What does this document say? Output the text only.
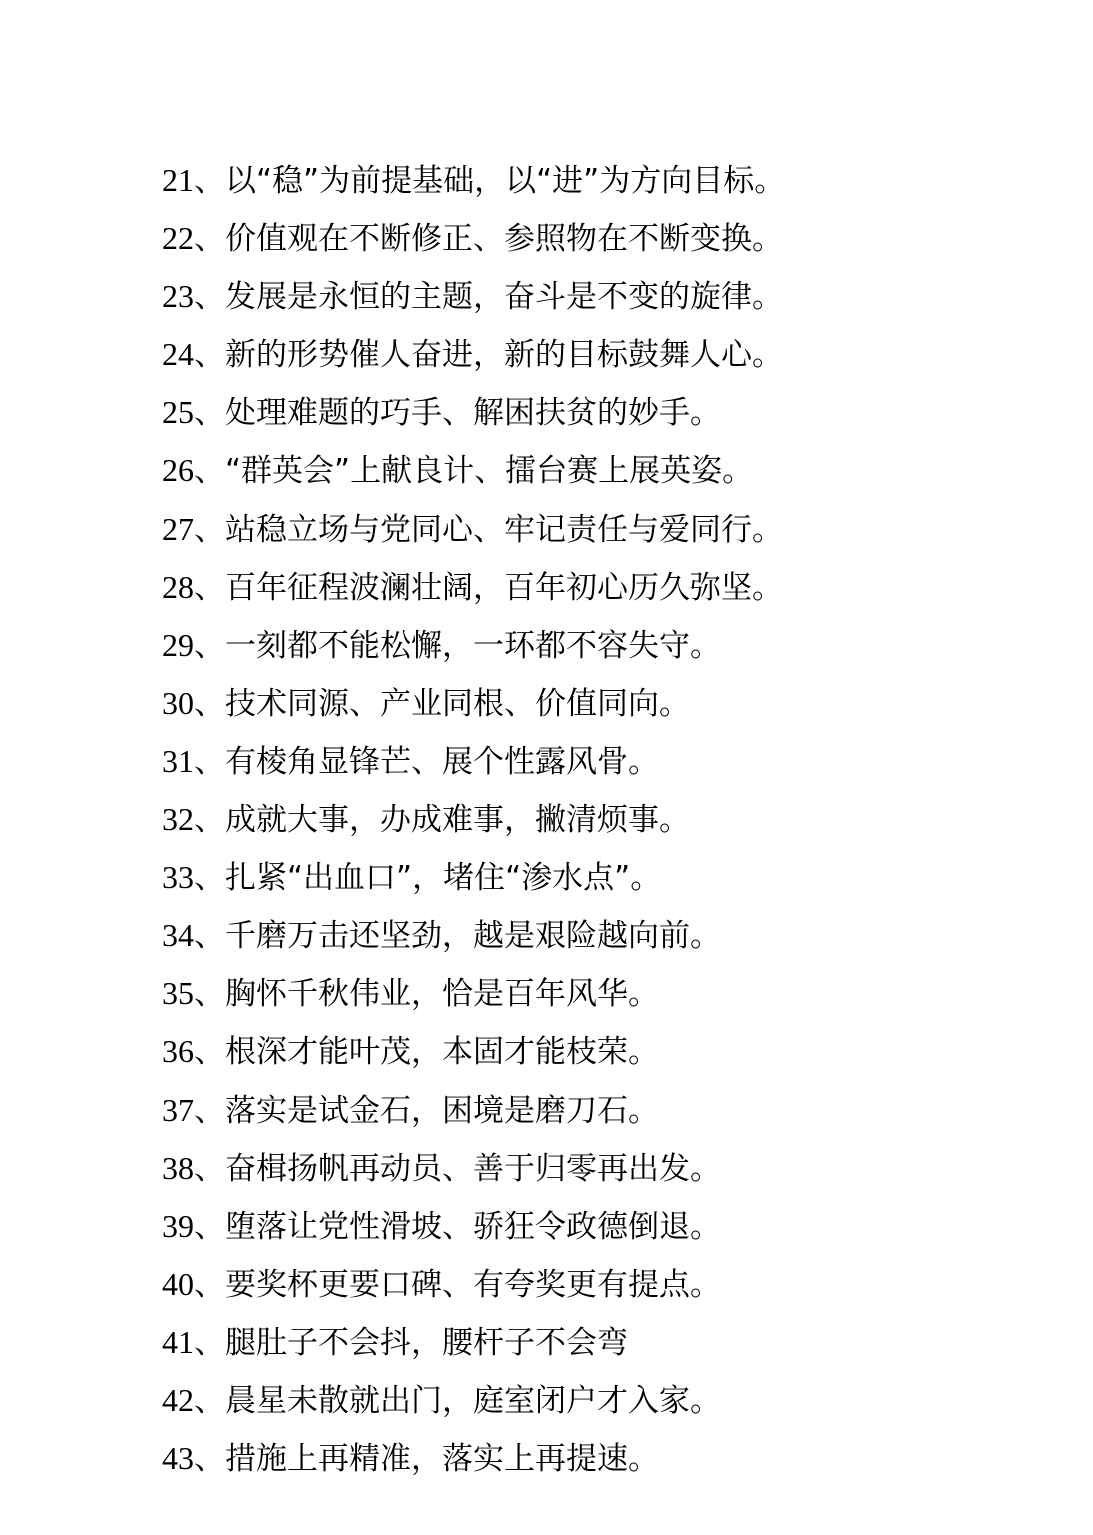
21、以“稳”为前提基础，以“进”为方向目标。
22、价值观在不断修正、参照物在不断变换。
23、发展是永恒的主题，奋斗是不变的旋律。
24、新的形势催人奋进，新的目标鼓舞人心。
25、处理难题的巧手、解困扶贫的妙手。
26、“群英会”上献良计、擂台赛上展英姿。
27、站稳立场与党同心、牢记责任与爱同行。
28、百年征程波澜壮阔，百年初心历久弥坚。
29、一刻都不能松懈，一环都不容失守。
30、技术同源、产业同根、价值同向。
31、有棱角显锋芒、展个性露风骨。
32、成就大事，办成难事，撇清烦事。
33、扎紧“出血口”，堵住“渗水点”。
34、千磨万击还坚劲，越是艰险越向前。
35、胸怀千秋伟业，恰是百年风华。
36、根深才能叶茂，本固才能枝荣。
37、落实是试金石，困境是磨刀石。
38、奋楫扬帆再动员、善于归零再出发。
39、堕落让党性滑坡、骄狂令政德倒退。
40、要奖杯更要口碑、有夸奖更有提点。
41、腿肚子不会抖，腰杆子不会弯
42、晨星未散就出门，庭室闭户才入家。
43、措施上再精准，落实上再提速。
